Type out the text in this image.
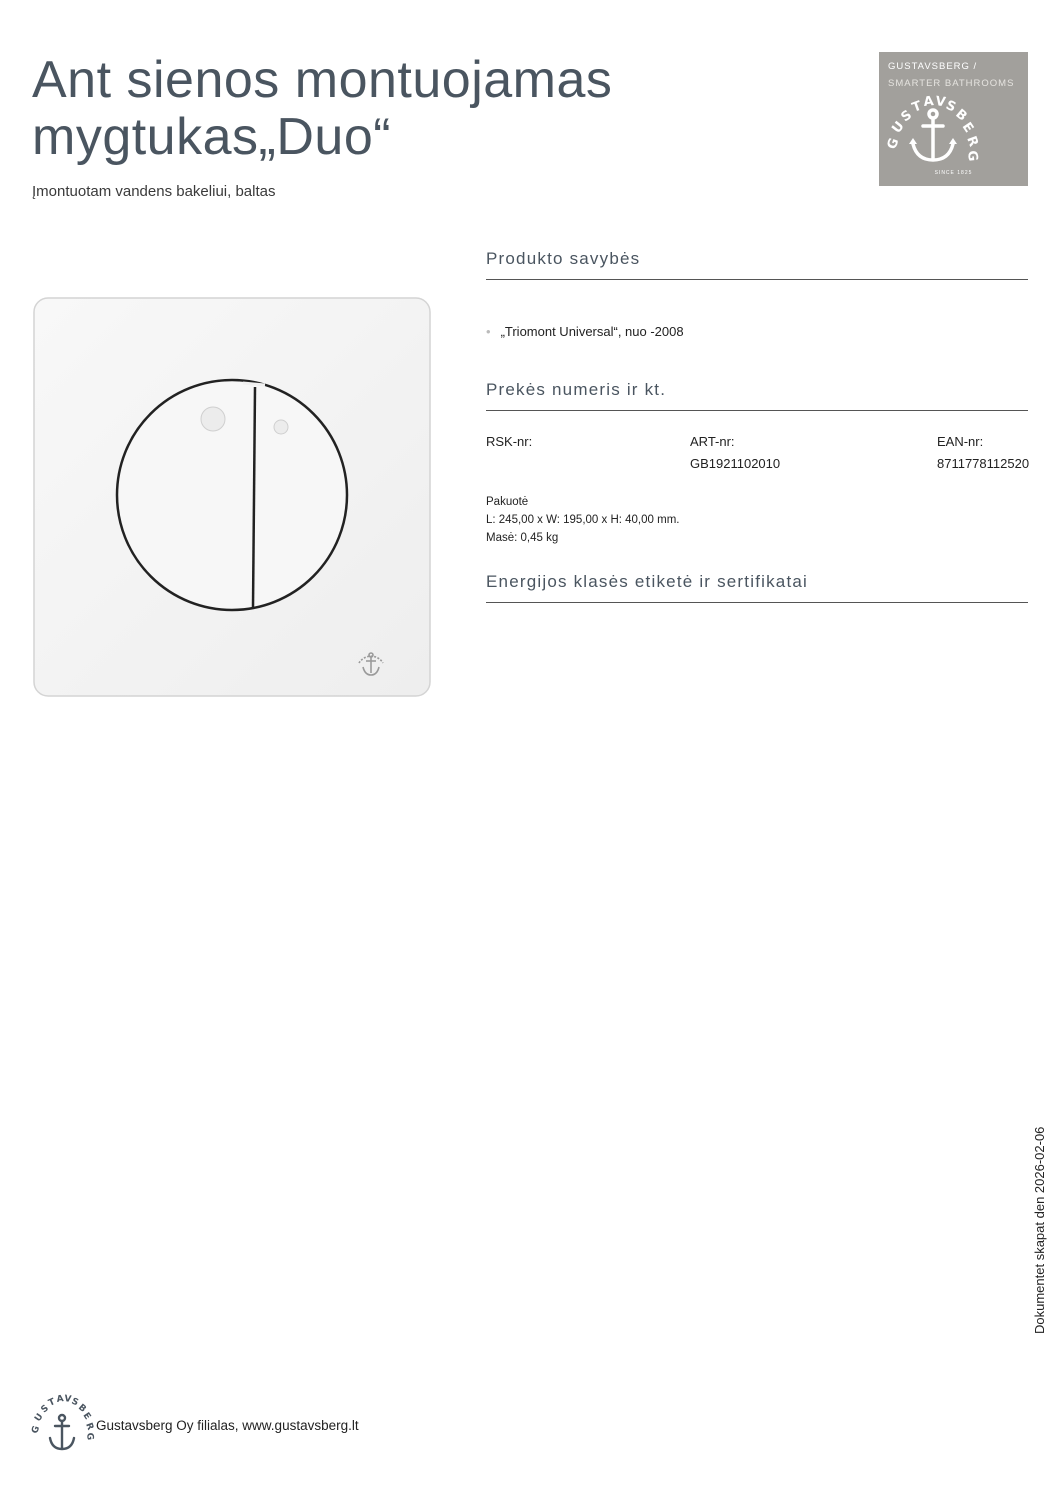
Ant sienos montuojamas
mygtukas„Duo“
Įmontuotam vandens bakeliui, baltas
GUSTAVSBERG /
SMARTER BATHROOMS
G
U
S
T A V
S
B
E
R
G
SINCE 1825
Produkto savybės
• „Triomont Universal“, nuo -2008
Prekės numeris ir kt.
RSK-nr:	ART-nr:
GB1921102010
EAN-nr:
8711778112520
Pakuotė
L: 245,00 x W: 195,00 x H: 40,00 mm.
Masė: 0,45 kg
Energijos klasės etiketė ir sertifikatai
G
U
S
T A V
S
B
E
R
G
Gustavsberg Oy filialas, www.gustavsberg.lt
Dokumentet skapat den 2026-02-06
